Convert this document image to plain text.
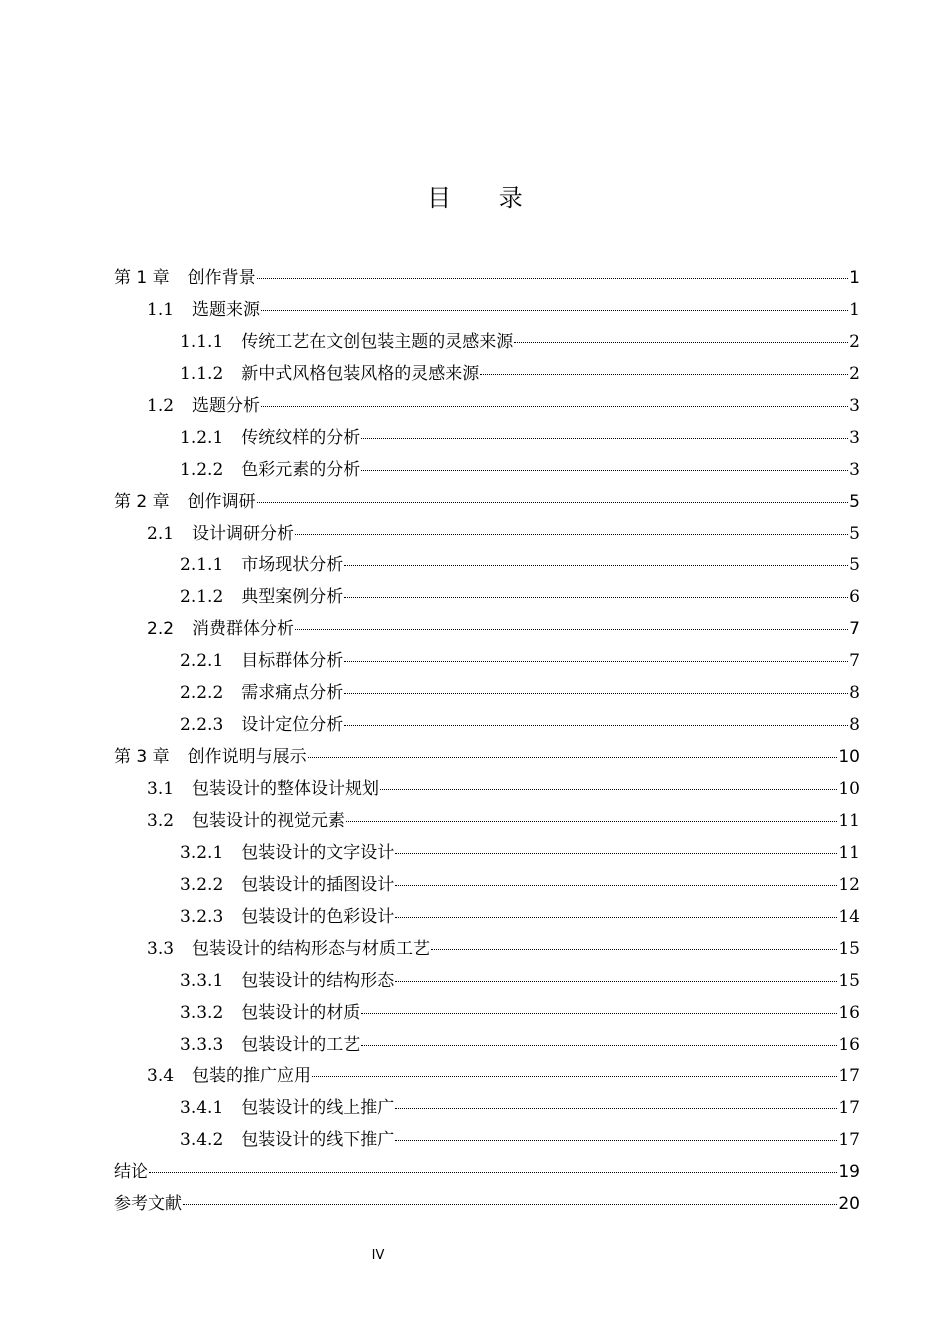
目 录
第 1 章 创作背景	1
1.1 选题来源	1
1.1.1 传统工艺在文创包装主题的灵感来源	2
1.1.2 新中式风格包装风格的灵感来源	2
1.2 选题分析	3
1.2.1 传统纹样的分析	3
1.2.2 色彩元素的分析	3
第 2 章 创作调研	5
2.1 设计调研分析	5
2.1.1 市场现状分析	5
2.1.2 典型案例分析	6
2.2 消费群体分析	7
2.2.1 目标群体分析	7
2.2.2 需求痛点分析	8
2.2.3 设计定位分析	8
第 3 章 创作说明与展示	10
3.1 包装设计的整体设计规划	10
3.2 包装设计的视觉元素	11
3.2.1 包装设计的文字设计	11
3.2.2 包装设计的插图设计	12
3.2.3 包装设计的色彩设计	14
3.3 包装设计的结构形态与材质工艺	15
3.3.1 包装设计的结构形态	15
3.3.2 包装设计的材质	16
3.3.3 包装设计的工艺	16
3.4 包装的推广应用	17
3.4.1 包装设计的线上推广	17
3.4.2 包装设计的线下推广	17
结论	19
参考文献	20
IV
